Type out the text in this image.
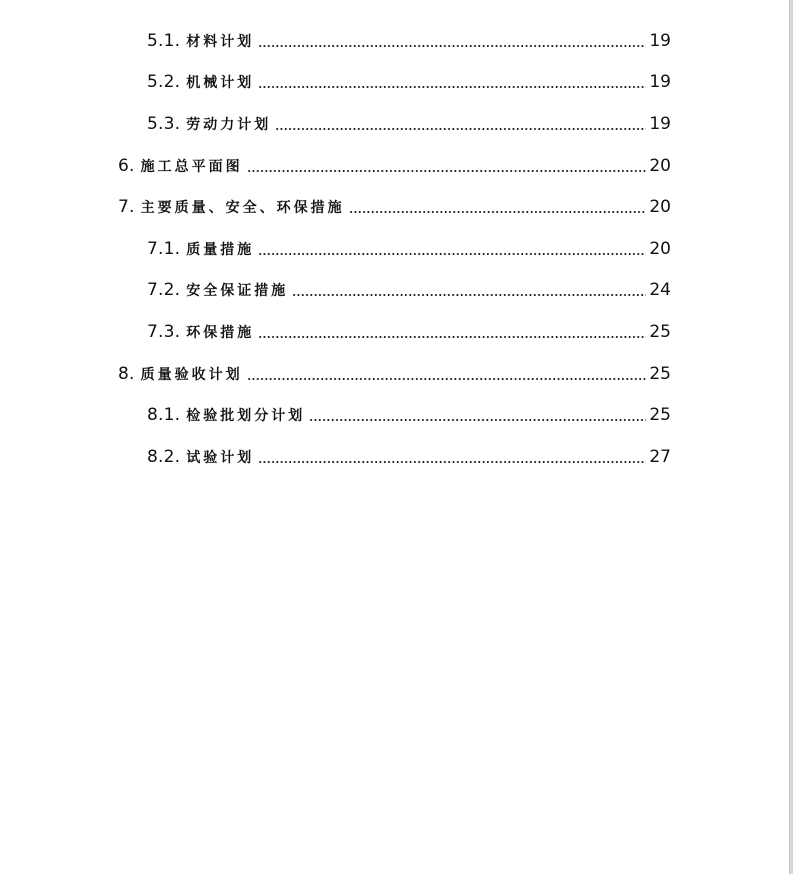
5.1. 材料计划	19
5.2. 机械计划	19
5.3. 劳动力计划	19
6. 施工总平面图	20
7. 主要质量、安全、环保措施	20
7.1. 质量措施	20
7.2. 安全保证措施	24
7.3. 环保措施	25
8. 质量验收计划	25
8.1. 检验批划分计划	25
8.2. 试验计划	27
